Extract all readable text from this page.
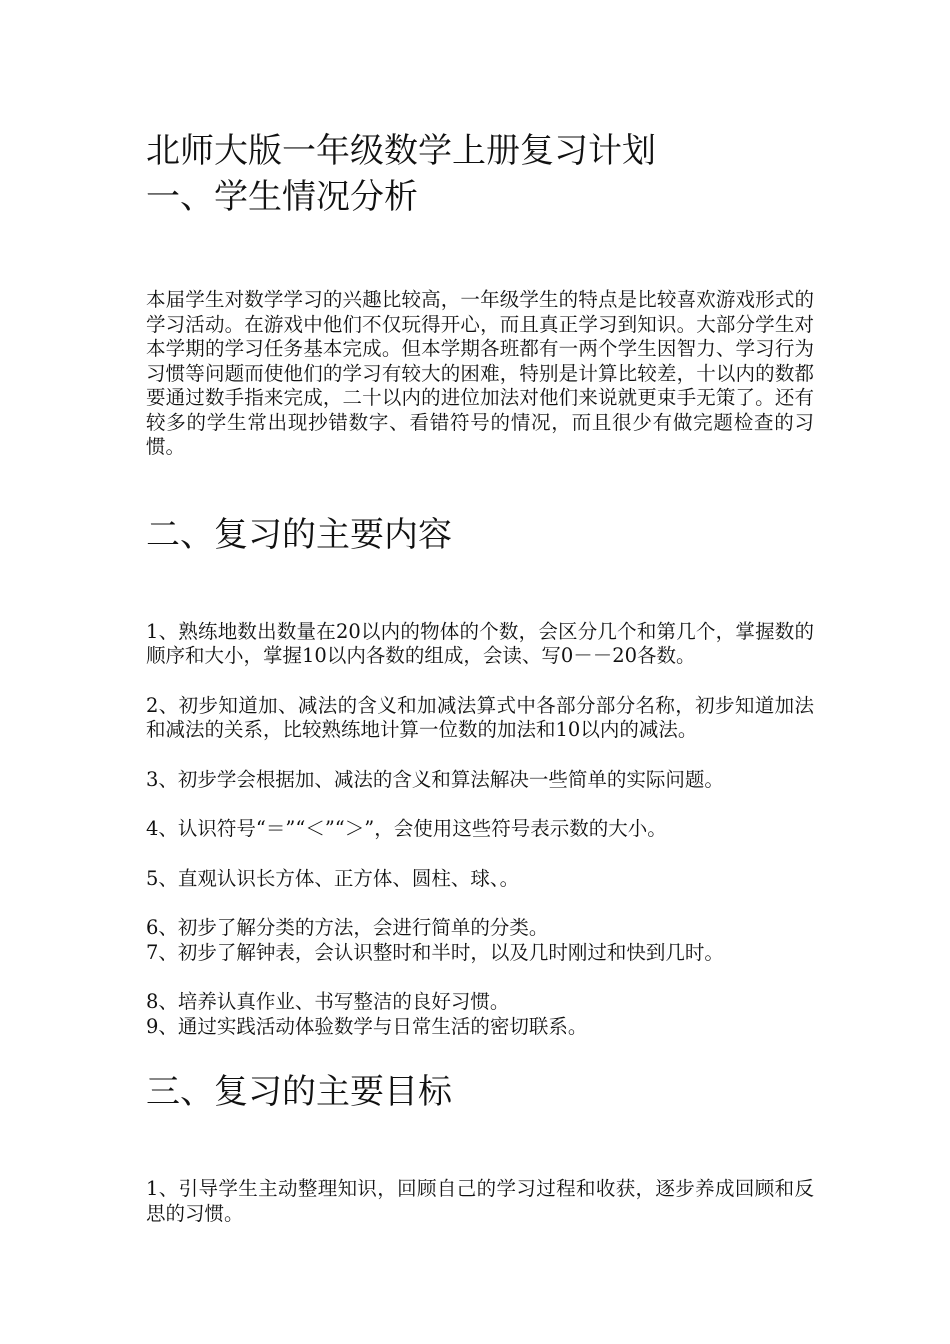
北师大版一年级数学上册复习计划
一、学生情况分析

本届学生对数学学习的兴趣比较高，一年级学生的特点是比较喜欢游戏形式的学习活动。在游戏中他们不仅玩得开心，而且真正学习到知识。大部分学生对本学期的学习任务基本完成。但本学期各班都有一两个学生因智力、学习行为习惯等问题而使他们的学习有较大的困难，特别是计算比较差，十以内的数都要通过数手指来完成，二十以内的进位加法对他们来说就更束手无策了。还有较多的学生常出现抄错数字、看错符号的情况，而且很少有做完题检查的习惯。

二、复习的主要内容

1、熟练地数出数量在20以内的物体的个数，会区分几个和第几个，掌握数的顺序和大小，掌握10以内各数的组成，会读、写0－－20各数。

2、初步知道加、减法的含义和加减法算式中各部分部分名称，初步知道加法和减法的关系，比较熟练地计算一位数的加法和10以内的减法。

3、初步学会根据加、减法的含义和算法解决一些简单的实际问题。

4、认识符号“＝”“＜”“＞”，会使用这些符号表示数的大小。

5、直观认识长方体、正方体、圆柱、球、。

6、初步了解分类的方法，会进行简单的分类。

7、初步了解钟表，会认识整时和半时，以及几时刚过和快到几时。

8、培养认真作业、书写整洁的良好习惯。

9、通过实践活动体验数学与日常生活的密切联系。

三、复习的主要目标

1、引导学生主动整理知识，回顾自己的学习过程和收获，逐步养成回顾和反思的习惯。
